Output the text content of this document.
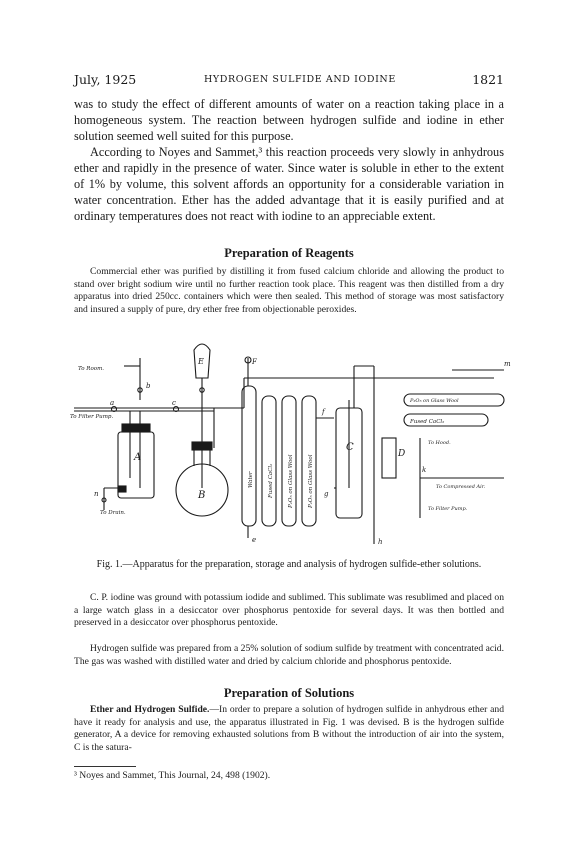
July, 1925	HYDROGEN SULFIDE AND IODINE	1821
was to study the effect of different amounts of water on a reaction taking place in a homogeneous system. The reaction between hydrogen sulfide and iodine in ether solution seemed well suited for this purpose.
According to Noyes and Sammet,³ this reaction proceeds very slowly in anhydrous ether and rapidly in the presence of water. Since water is soluble in ether to the extent of 1% by volume, this solvent affords an opportunity for a considerable variation in water concentration. Ether has the added advantage that it is easily purified and at ordinary temperatures does not react with iodine to an appreciable extent.
Preparation of Reagents
Commercial ether was purified by distilling it from fused calcium chloride and allowing the product to stand over bright sodium wire until no further reaction took place. This reagent was then distilled from a dry apparatus into dried 250cc. containers which were then sealed. This method of storage was most satisfactory and insured a supply of pure, dry ether free from objectionable peroxides.
To Room.
b
To Filter Pump.
a	c
A
n
To Drain.
E
B
F
Water	Fused CaCl₂	P₂O₅ on Glass Wool	P₂O₅ on Glass Wool
e
f
C
g
D
h
P₂O₅ on Glass Wool
Fused CaCl₂
m
To Hood.
k
To Compressed Air.
To Filter Pump.
Fig. 1.—Apparatus for the preparation, storage and analysis of hydrogen sulfide-ether solutions.
C. P. iodine was ground with potassium iodide and sublimed. This sublimate was resublimed and placed on a large watch glass in a desiccator over phosphorus pentoxide for several days. It was then bottled and preserved in a desiccator over phosphorus pentoxide.
Hydrogen sulfide was prepared from a 25% solution of sodium sulfide by treatment with concentrated acid. The gas was washed with distilled water and dried by calcium chloride and phosphorus pentoxide.
Preparation of Solutions
Ether and Hydrogen Sulfide.—In order to prepare a solution of hydrogen sulfide in anhydrous ether and have it ready for analysis and use, the apparatus illustrated in Fig. 1 was devised. B is the hydrogen sulfide generator, A a device for removing exhausted solutions from B without the introduction of air into the system, C is the satura-
³ Noyes and Sammet, This Journal, 24, 498 (1902).
